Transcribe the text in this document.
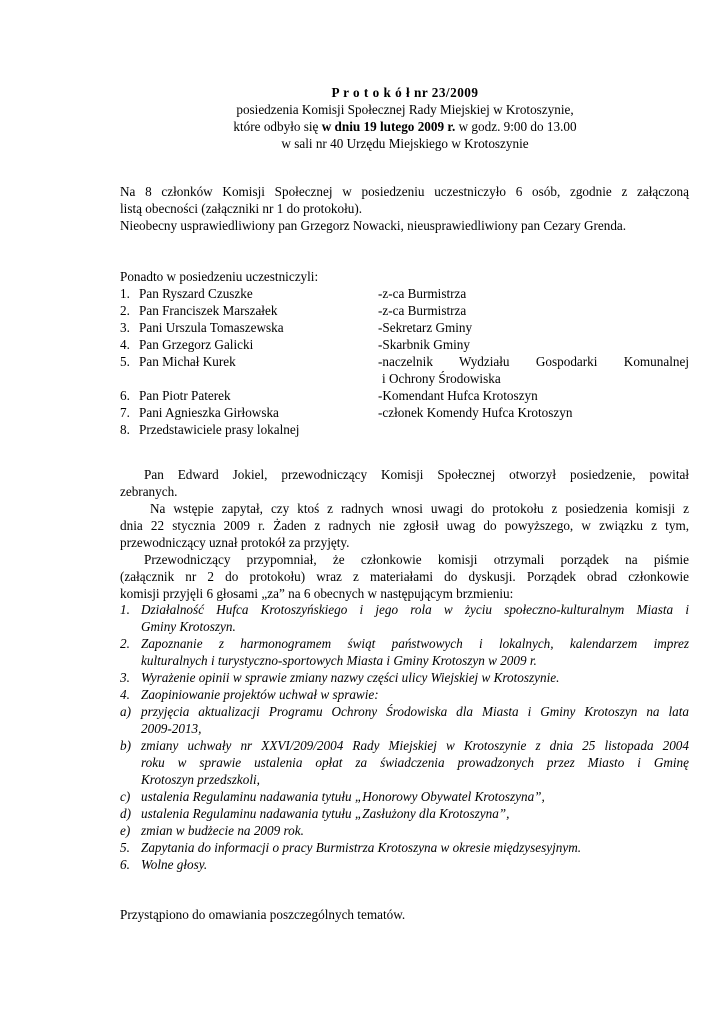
P r o t o k ó ł nr 23/2009
posiedzenia Komisji Społecznej Rady Miejskiej w Krotoszynie,
które odbyło się w dniu 19 lutego 2009 r. w godz. 9:00 do 13.00
w sali nr 40 Urzędu Miejskiego w Krotoszynie
Na 8 członków Komisji Społecznej w posiedzeniu uczestniczyło 6 osób, zgodnie z załączoną
listą obecności (załączniki nr 1 do protokołu).
Nieobecny usprawiedliwiony pan Grzegorz Nowacki, nieusprawiedliwiony pan Cezary Grenda.
Ponadto w posiedzeniu uczestniczyli:
1. Pan Ryszard Czuszke	-z-ca Burmistrza
2. Pan Franciszek Marszałek	-z-ca Burmistrza
3. Pani Urszula Tomaszewska	-Sekretarz Gminy
4. Pan Grzegorz Galicki	-Skarbnik Gminy
5. Pan Michał Kurek	-naczelnik Wydziału Gospodarki Komunalnej
i Ochrony Środowiska
6. Pan Piotr Paterek	-Komendant Hufca Krotoszyn
7. Pani Agnieszka Girłowska	-członek Komendy Hufca Krotoszyn
8. Przedstawiciele prasy lokalnej
Pan Edward Jokiel, przewodniczący Komisji Społecznej otworzył posiedzenie, powitał
zebranych.
Na wstępie zapytał, czy ktoś z radnych wnosi uwagi do protokołu z posiedzenia komisji z
dnia 22 stycznia 2009 r. Żaden z radnych nie zgłosił uwag do powyższego, w związku z tym,
przewodniczący uznał protokół za przyjęty.
Przewodniczący przypomniał, że członkowie komisji otrzymali porządek na piśmie
(załącznik nr 2 do protokołu) wraz z materiałami do dyskusji. Porządek obrad członkowie
komisji przyjęli 6 głosami „za” na 6 obecnych w następującym brzmieniu:
1. Działalność Hufca Krotoszyńskiego i jego rola w życiu społeczno-kulturalnym Miasta i
Gminy Krotoszyn.
2. Zapoznanie z harmonogramem świąt państwowych i lokalnych, kalendarzem imprez
kulturalnych i turystyczno-sportowych Miasta i Gminy Krotoszyn w 2009 r.
3. Wyrażenie opinii w sprawie zmiany nazwy części ulicy Wiejskiej w Krotoszynie.
4. Zaopiniowanie projektów uchwał w sprawie:
a) przyjęcia aktualizacji Programu Ochrony Środowiska dla Miasta i Gminy Krotoszyn na lata
2009-2013,
b) zmiany uchwały nr XXVI/209/2004 Rady Miejskiej w Krotoszynie z dnia 25 listopada 2004
roku w sprawie ustalenia opłat za świadczenia prowadzonych przez Miasto i Gminę
Krotoszyn przedszkoli,
c) ustalenia Regulaminu nadawania tytułu „Honorowy Obywatel Krotoszyna”,
d) ustalenia Regulaminu nadawania tytułu „Zasłużony dla Krotoszyna”,
e) zmian w budżecie na 2009 rok.
5. Zapytania do informacji o pracy Burmistrza Krotoszyna w okresie międzysesyjnym.
6. Wolne głosy.
Przystąpiono do omawiania poszczególnych tematów.
